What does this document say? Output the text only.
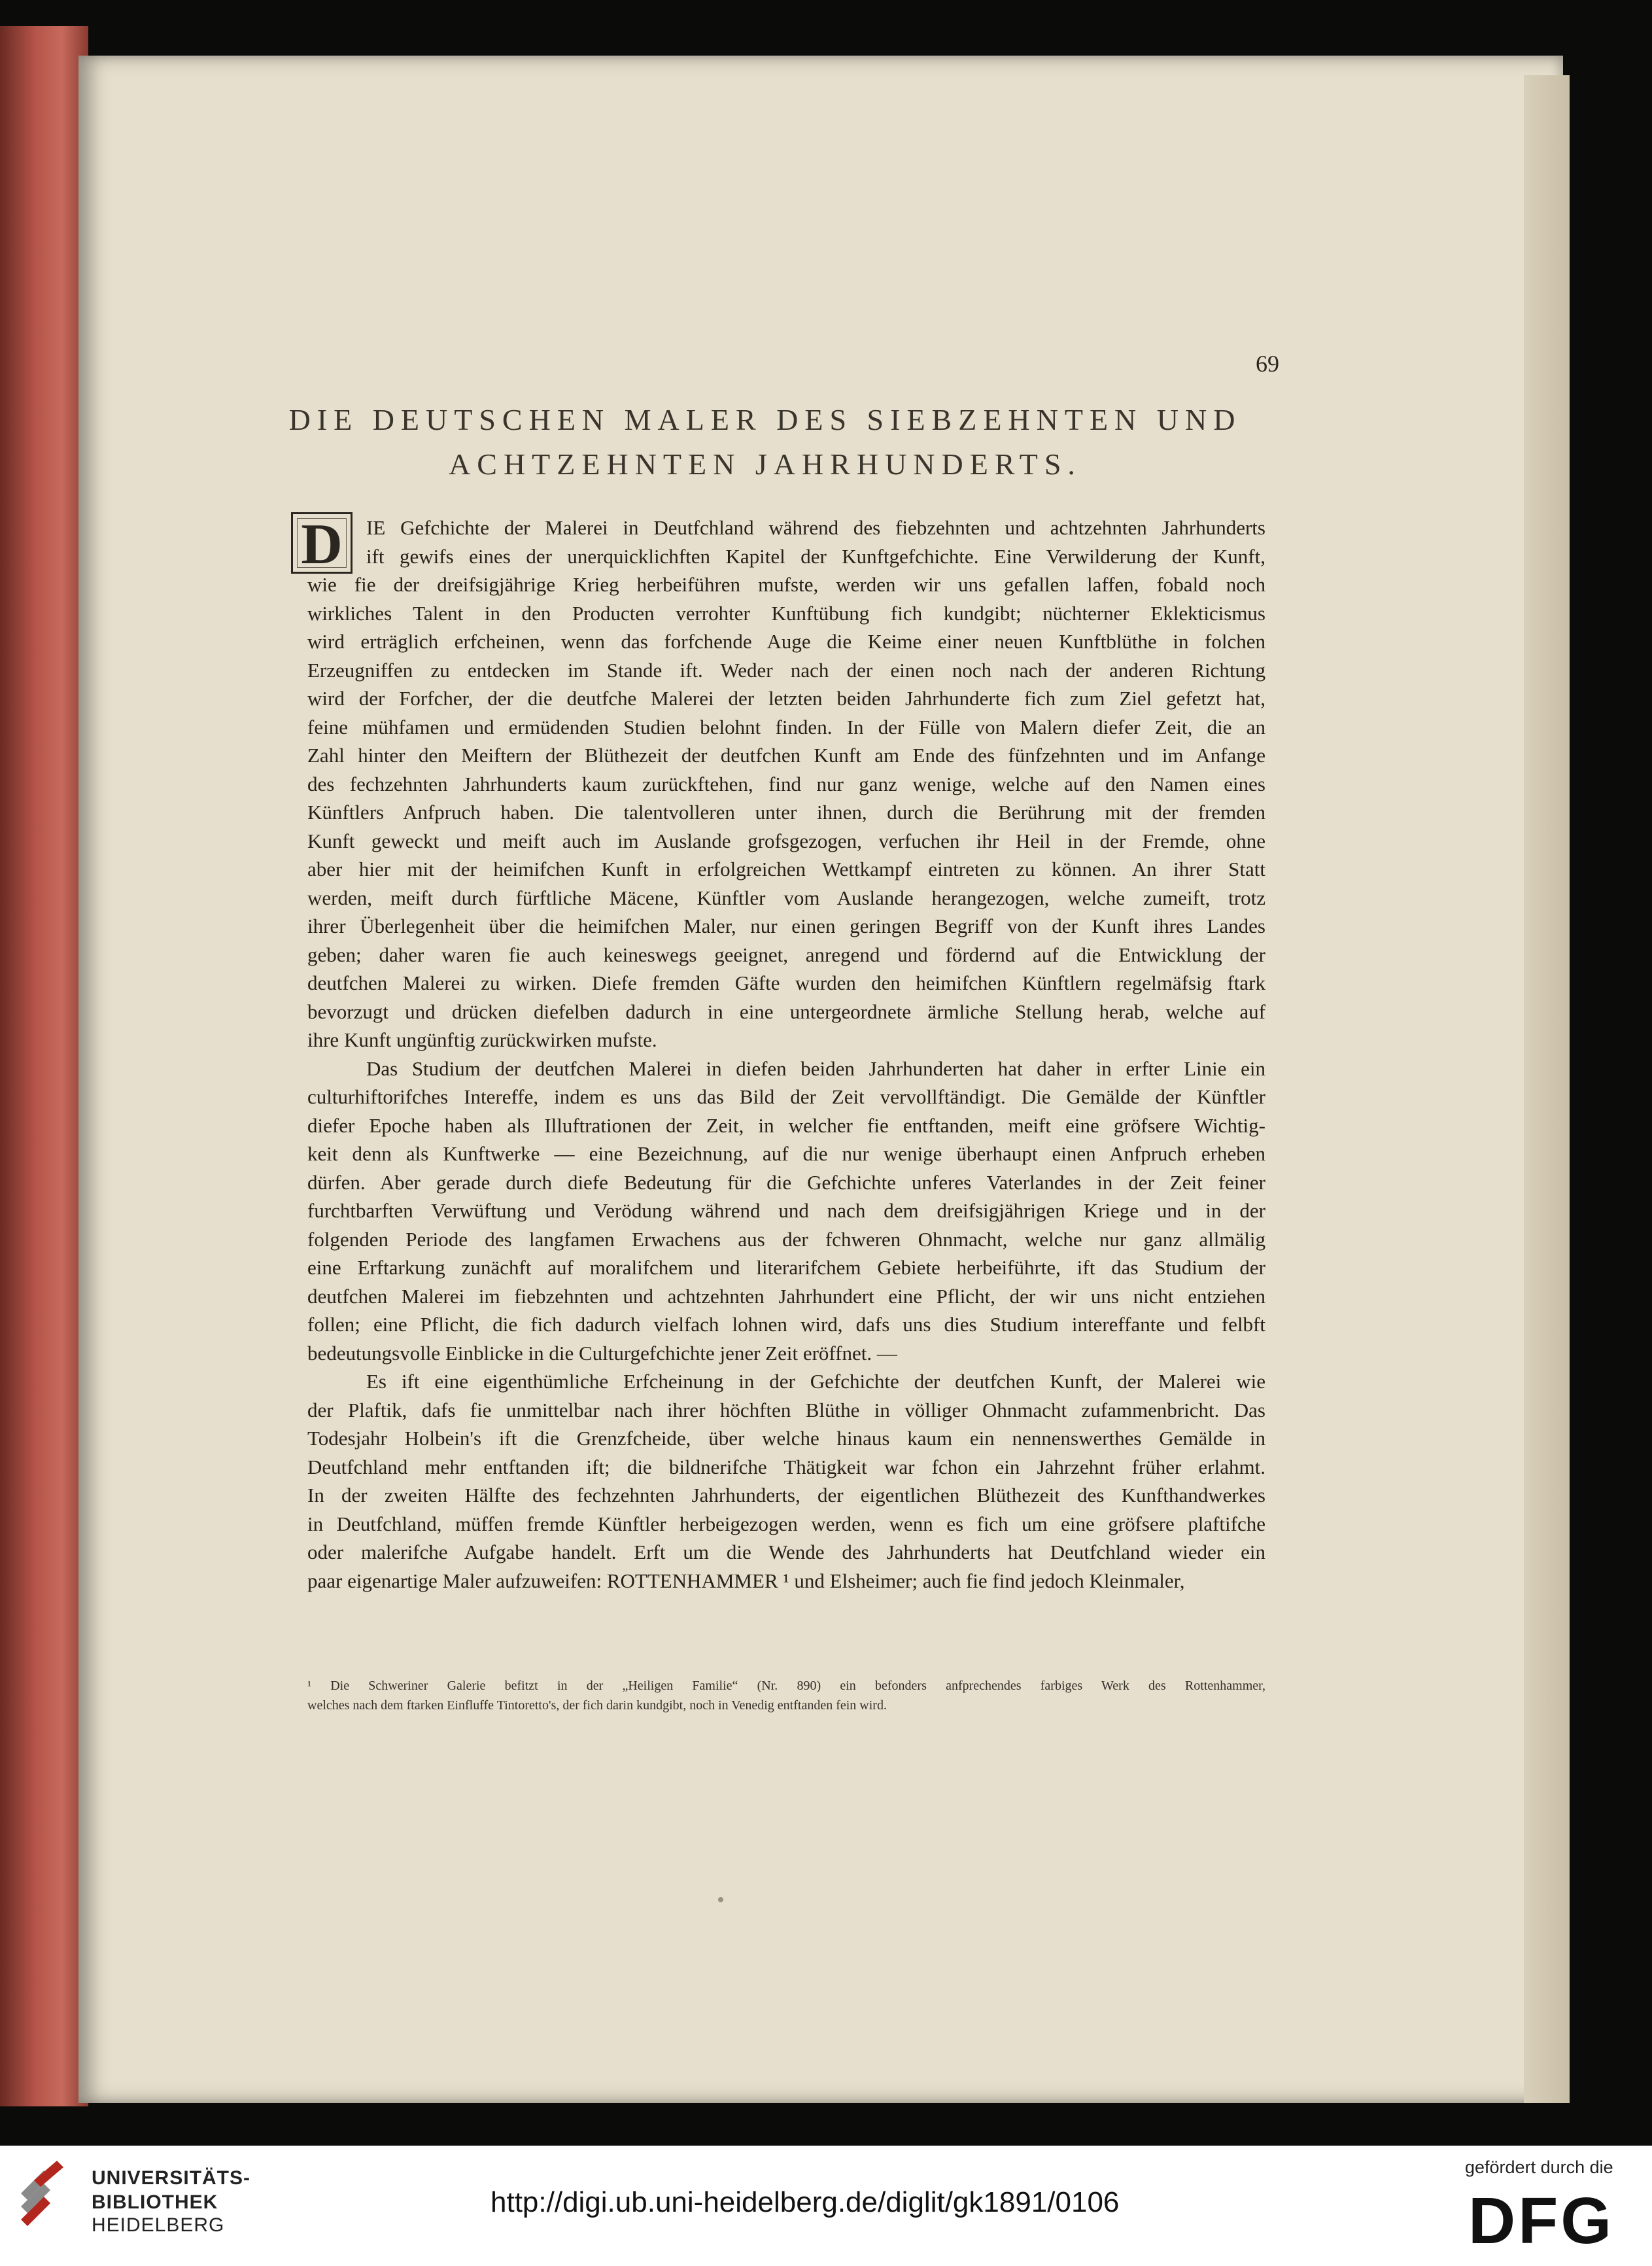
69
DIE DEUTSCHEN MALER DES SIEBZEHNTEN UND
ACHTZEHNTEN JAHRHUNDERTS.
D	IE Gefchichte der Malerei in Deutfchland während des fiebzehnten und achtzehnten Jahrhunderts
ift gewifs eines der unerquicklichften Kapitel der Kunftgefchichte. Eine Verwilderung der Kunft,
wie fie der dreifsigjährige Krieg herbeiführen mufste, werden wir uns gefallen laffen, fobald noch
wirkliches Talent in den Producten verrohter Kunftübung fich kundgibt; nüchterner Eklekticismus
wird erträglich erfcheinen, wenn das forfchende Auge die Keime einer neuen Kunftblüthe in folchen
Erzeugniffen zu entdecken im Stande ift. Weder nach der einen noch nach der anderen Richtung
wird der Forfcher, der die deutfche Malerei der letzten beiden Jahrhunderte fich zum Ziel gefetzt hat,
feine mühfamen und ermüdenden Studien belohnt finden. In der Fülle von Malern diefer Zeit, die an
Zahl hinter den Meiftern der Blüthezeit der deutfchen Kunft am Ende des fünfzehnten und im Anfange
des fechzehnten Jahrhunderts kaum zurückftehen, find nur ganz wenige, welche auf den Namen eines
Künftlers Anfpruch haben. Die talentvolleren unter ihnen, durch die Berührung mit der fremden
Kunft geweckt und meift auch im Auslande grofsgezogen, verfuchen ihr Heil in der Fremde, ohne
aber hier mit der heimifchen Kunft in erfolgreichen Wettkampf eintreten zu können. An ihrer Statt
werden, meift durch fürftliche Mäcene, Künftler vom Auslande herangezogen, welche zumeift, trotz
ihrer Überlegenheit über die heimifchen Maler, nur einen geringen Begriff von der Kunft ihres Landes
geben; daher waren fie auch keineswegs geeignet, anregend und fördernd auf die Entwicklung der
deutfchen Malerei zu wirken. Diefe fremden Gäfte wurden den heimifchen Künftlern regelmäfsig ftark
bevorzugt und drücken diefelben dadurch in eine untergeordnete ärmliche Stellung herab, welche auf
ihre Kunft ungünftig zurückwirken mufste.
Das Studium der deutfchen Malerei in diefen beiden Jahrhunderten hat daher in erfter Linie ein
culturhiftorifches Intereffe, indem es uns das Bild der Zeit vervollftändigt. Die Gemälde der Künftler
diefer Epoche haben als Illuftrationen der Zeit, in welcher fie entftanden, meift eine gröfsere Wichtig-
keit denn als Kunftwerke — eine Bezeichnung, auf die nur wenige überhaupt einen Anfpruch erheben
dürfen. Aber gerade durch diefe Bedeutung für die Gefchichte unferes Vaterlandes in der Zeit feiner
furchtbarften Verwüftung und Verödung während und nach dem dreifsigjährigen Kriege und in der
folgenden Periode des langfamen Erwachens aus der fchweren Ohnmacht, welche nur ganz allmälig
eine Erftarkung zunächft auf moralifchem und literarifchem Gebiete herbeiführte, ift das Studium der
deutfchen Malerei im fiebzehnten und achtzehnten Jahrhundert eine Pflicht, der wir uns nicht entziehen
follen; eine Pflicht, die fich dadurch vielfach lohnen wird, dafs uns dies Studium intereffante und felbft
bedeutungsvolle Einblicke in die Culturgefchichte jener Zeit eröffnet. —
Es ift eine eigenthümliche Erfcheinung in der Gefchichte der deutfchen Kunft, der Malerei wie
der Plaftik, dafs fie unmittelbar nach ihrer höchften Blüthe in völliger Ohnmacht zufammenbricht. Das
Todesjahr Holbein's ift die Grenzfcheide, über welche hinaus kaum ein nennenswerthes Gemälde in
Deutfchland mehr entftanden ift; die bildnerifche Thätigkeit war fchon ein Jahrzehnt früher erlahmt.
In der zweiten Hälfte des fechzehnten Jahrhunderts, der eigentlichen Blüthezeit des Kunfthandwerkes
in Deutfchland, müffen fremde Künftler herbeigezogen werden, wenn es fich um eine gröfsere plaftifche
oder malerifche Aufgabe handelt. Erft um die Wende des Jahrhunderts hat Deutfchland wieder ein
paar eigenartige Maler aufzuweifen: ROTTENHAMMER ¹ und Elsheimer; auch fie find jedoch Kleinmaler,
¹ Die Schweriner Galerie befitzt in der „Heiligen Familie“ (Nr. 890) ein befonders anfprechendes farbiges Werk des Rottenhammer,
welches nach dem ftarken Einfluffe Tintoretto's, der fich darin kundgibt, noch in Venedig entftanden fein wird.
UNIVERSITÄTS-
BIBLIOTHEK
HEIDELBERG
http://digi.ub.uni-heidelberg.de/diglit/gk1891/0106
gefördert durch die
DFG
